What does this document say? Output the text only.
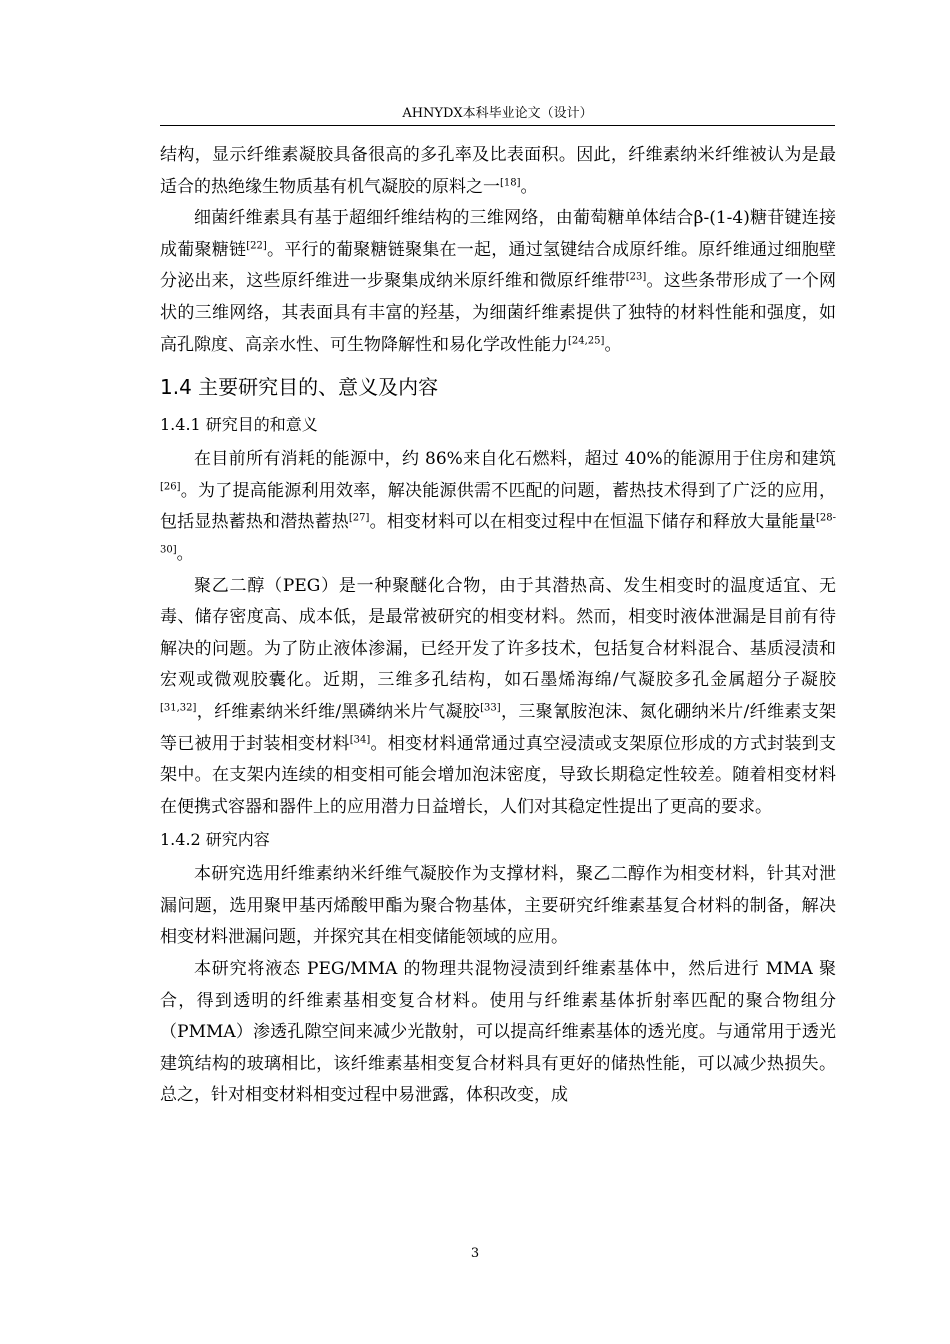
AHNYDX本科毕业论文（设计）

结构，显示纤维素凝胶具备很高的多孔率及比表面积。因此，纤维素纳米纤维被认为是最适合的热绝缘生物质基有机气凝胶的原料之一[18]。

细菌纤维素具有基于超细纤维结构的三维网络，由葡萄糖单体结合β-(1-4)糖苷键连接成葡聚糖链[22]。平行的葡聚糖链聚集在一起，通过氢键结合成原纤维。原纤维通过细胞壁分泌出来，这些原纤维进一步聚集成纳米原纤维和微原纤维带[23]。这些条带形成了一个网状的三维网络，其表面具有丰富的羟基，为细菌纤维素提供了独特的材料性能和强度，如高孔隙度、高亲水性、可生物降解性和易化学改性能力[24,25]。

1.4 主要研究目的、意义及内容
1.4.1 研究目的和意义

在目前所有消耗的能源中，约 86%来自化石燃料，超过 40%的能源用于住房和建筑[26]。为了提高能源利用效率，解决能源供需不匹配的问题，蓄热技术得到了广泛的应用，包括显热蓄热和潜热蓄热[27]。相变材料可以在相变过程中在恒温下储存和释放大量能量[28-30]。

聚乙二醇（PEG）是一种聚醚化合物，由于其潜热高、发生相变时的温度适宜、无毒、储存密度高、成本低，是最常被研究的相变材料。然而，相变时液体泄漏是目前有待解决的问题。为了防止液体渗漏，已经开发了许多技术，包括复合材料混合、基质浸渍和宏观或微观胶囊化。近期，三维多孔结构，如石墨烯海绵/气凝胶多孔金属超分子凝胶[31,32]，纤维素纳米纤维/黑磷纳米片气凝胶[33]，三聚氰胺泡沫、氮化硼纳米片/纤维素支架等已被用于封装相变材料[34]。相变材料通常通过真空浸渍或支架原位形成的方式封装到支架中。在支架内连续的相变相可能会增加泡沫密度，导致长期稳定性较差。随着相变材料在便携式容器和器件上的应用潜力日益增长，人们对其稳定性提出了更高的要求。

1.4.2 研究内容

本研究选用纤维素纳米纤维气凝胶作为支撑材料，聚乙二醇作为相变材料，针其对泄漏问题，选用聚甲基丙烯酸甲酯为聚合物基体，主要研究纤维素基复合材料的制备，解决相变材料泄漏问题，并探究其在相变储能领域的应用。

本研究将液态 PEG/MMA 的物理共混物浸渍到纤维素基体中，然后进行 MMA 聚合，得到透明的纤维素基相变复合材料。使用与纤维素基体折射率匹配的聚合物组分（PMMA）渗透孔隙空间来减少光散射，可以提高纤维素基体的透光度。与通常用于透光建筑结构的玻璃相比，该纤维素基相变复合材料具有更好的储热性能，可以减少热损失。总之，针对相变材料相变过程中易泄露，体积改变，成

3
